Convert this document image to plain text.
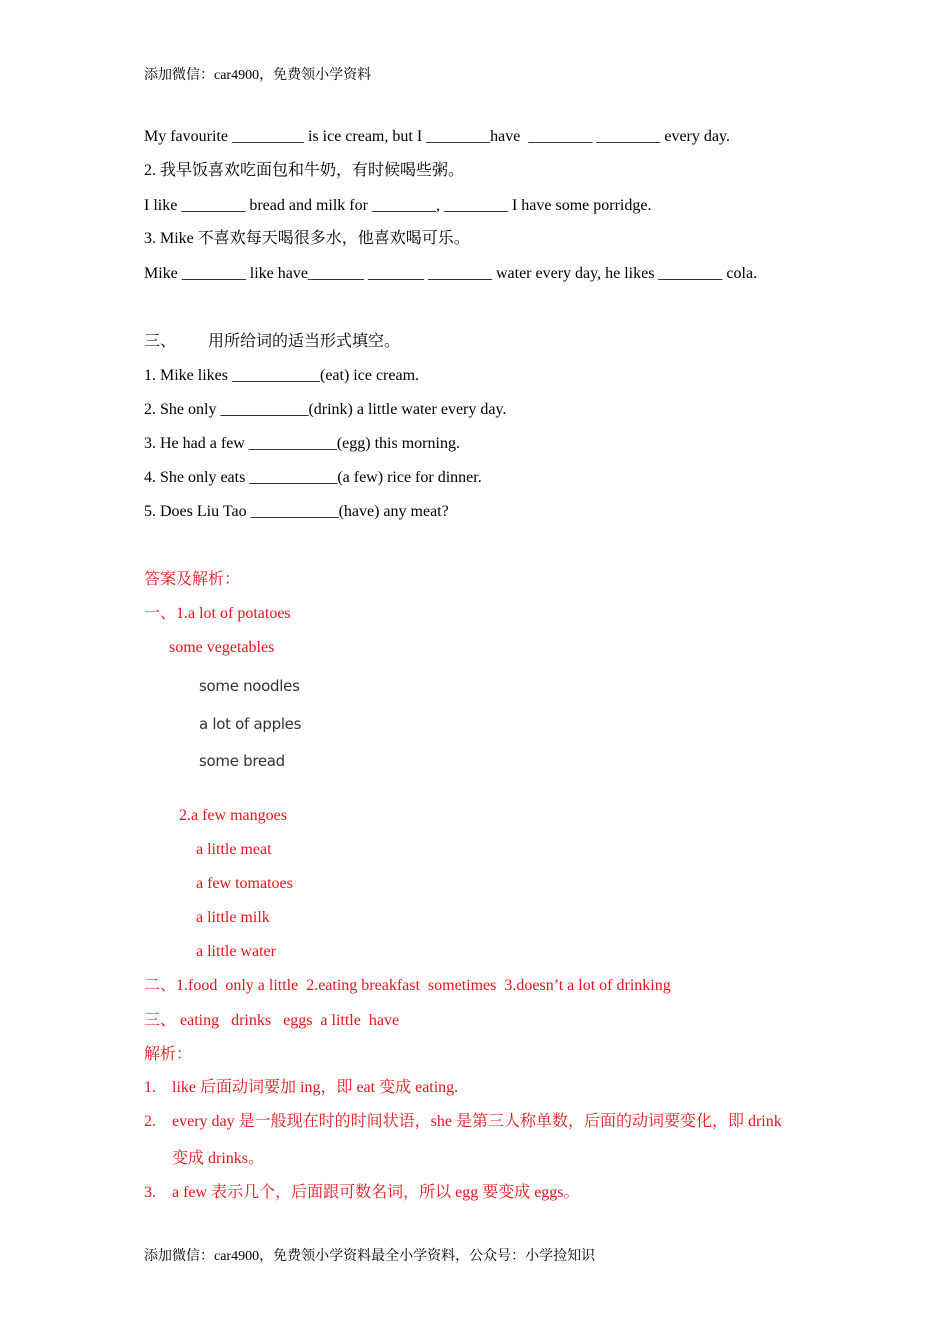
添加微信：car4900，免费领小学资料
My favourite _________ is ice cream, but I ________have  ________ ________ every day.
2. 我早饭喜欢吃面包和牛奶，有时候喝些粥。
I like ________ bread and milk for ________, ________ I have some porridge.
3. Mike 不喜欢每天喝很多水，他喜欢喝可乐。
Mike ________ like have_______ _______ ________ water every day, he likes ________ cola.
三、        用所给词的适当形式填空。
1. Mike likes ___________(eat) ice cream.
2. She only ___________(drink) a little water every day.
3. He had a few ___________(egg) this morning.
4. She only eats ___________(a few) rice for dinner.
5. Does Liu Tao ___________(have) any meat?
答案及解析：
一、1.a lot of potatoes
some vegetables
some noodles
a lot of apples
some bread
2.a few mangoes
a little meat
a few tomatoes
a little milk
a little water
二、1.food  only a little  2.eating breakfast  sometimes  3.doesn’t a lot of drinking
三、 eating   drinks   eggs  a little  have
解析：
1.    like 后面动词要加 ing，即 eat 变成 eating.
2.    every day 是一般现在时的时间状语，she 是第三人称单数，后面的动词要变化，即 drink
变成 drinks。
3.    a few 表示几个，后面跟可数名词，所以 egg 要变成 eggs。
添加微信：car4900，免费领小学资料最全小学资料，公众号：小学捡知识
